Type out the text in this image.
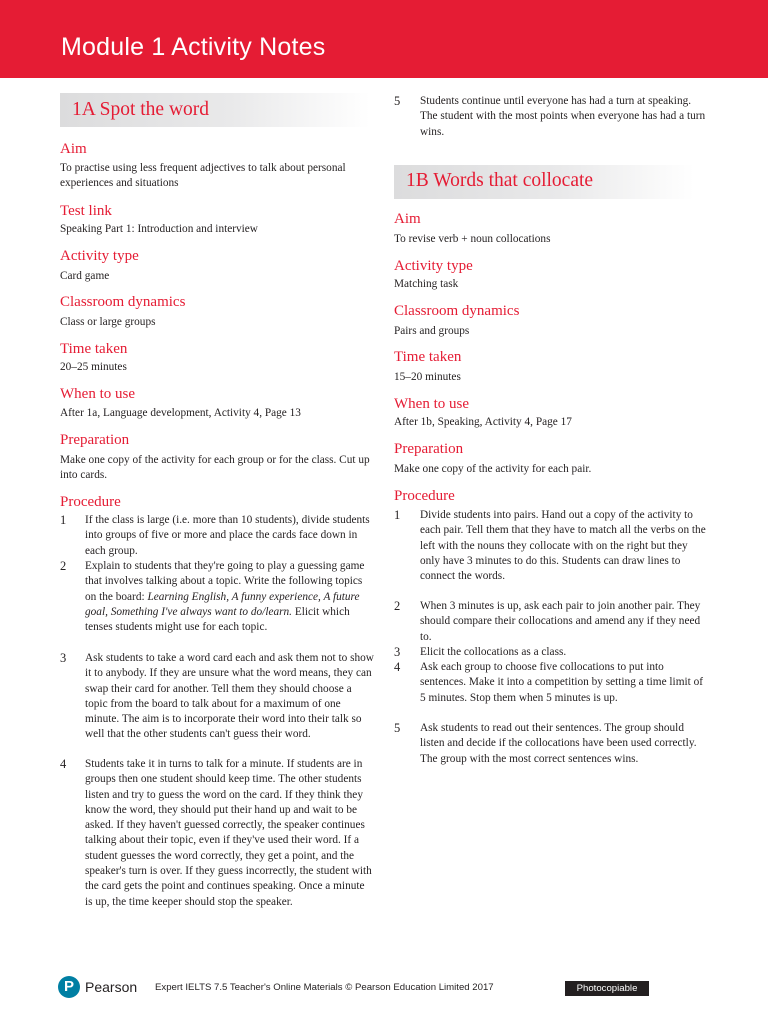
Module 1 Activity Notes
1A Spot the word
Aim
To practise using less frequent adjectives to talk about personal experiences and situations
Test link
Speaking Part 1: Introduction and interview
Activity type
Card game
Classroom dynamics
Class or large groups
Time taken
20–25 minutes
When to use
After 1a, Language development, Activity 4, Page 13
Preparation
Make one copy of the activity for each group or for the class. Cut up into cards.
Procedure
1 If the class is large (i.e. more than 10 students), divide students into groups of five or more and place the cards face down in each group.
2 Explain to students that they're going to play a guessing game that involves talking about a topic. Write the following topics on the board: Learning English, A funny experience, A future goal, Something I've always want to do/learn. Elicit which tenses students might use for each topic.
3 Ask students to take a word card each and ask them not to show it to anybody. If they are unsure what the word means, they can swap their card for another. Tell them they should choose a topic from the board to talk about for a maximum of one minute. The aim is to incorporate their word into their talk so well that the other students can't guess their word.
4 Students take it in turns to talk for a minute. If students are in groups then one student should keep time. The other students listen and try to guess the word on the card. If they think they know the word, they should put their hand up and wait to be asked. If they haven't guessed correctly, the speaker continues talking about their topic, even if they've used their word. If a student guesses the word correctly, they get a point, and the speaker's turn is over. If they guess incorrectly, the student with the card gets the point and continues speaking. Once a minute is up, the time keeper should stop the speaker.
5 Students continue until everyone has had a turn at speaking. The student with the most points when everyone has had a turn wins.
1B Words that collocate
Aim
To revise verb + noun collocations
Activity type
Matching task
Classroom dynamics
Pairs and groups
Time taken
15–20 minutes
When to use
After 1b, Speaking, Activity 4, Page 17
Preparation
Make one copy of the activity for each pair.
Procedure
1 Divide students into pairs. Hand out a copy of the activity to each pair. Tell them that they have to match all the verbs on the left with the nouns they collocate with on the right but they only have 3 minutes to do this. Students can draw lines to connect the words.
2 When 3 minutes is up, ask each pair to join another pair. They should compare their collocations and amend any if they need to.
3 Elicit the collocations as a class.
4 Ask each group to choose five collocations to put into sentences. Make it into a competition by setting a time limit of 5 minutes. Stop them when 5 minutes is up.
5 Ask students to read out their sentences. The group should listen and decide if the collocations have been used correctly. The group with the most correct sentences wins.
P Pearson Expert IELTS 7.5 Teacher's Online Materials © Pearson Education Limited 2017	Photocopiable
